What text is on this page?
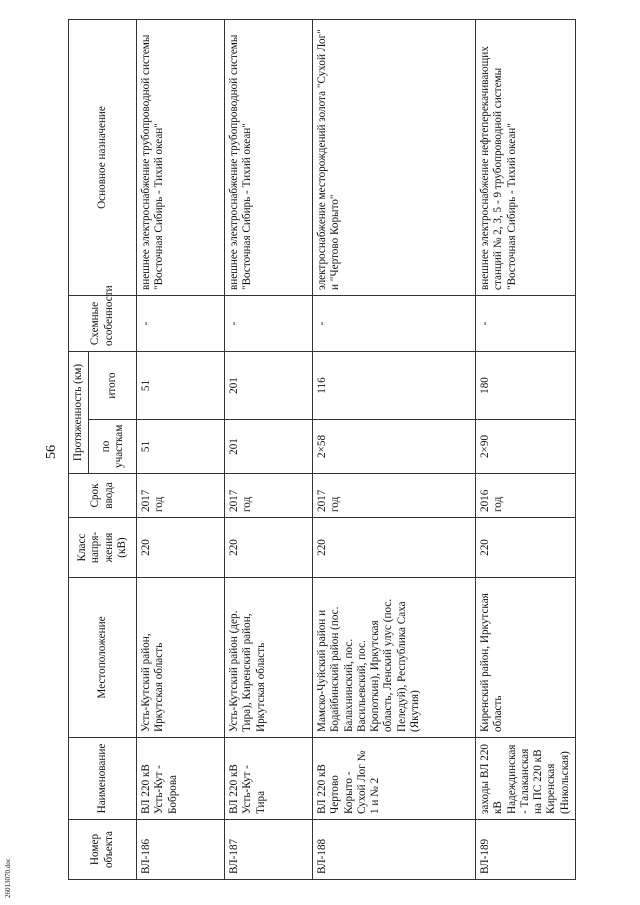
56
26013070.doc
Номер объекта	Наименование	Местоположение	Класс напря-жения (кВ)	Срок ввода	Протяженность (км)		Схемные особенности	Основное назначение
					по участкам	итого		
ВЛ-186	ВЛ 220 кВ Усть-Кут - Боброва	Усть-Кутский район, Иркутская область	220	2017 год	51	51	-	внешнее электроснабжение трубопроводной системы "Восточная Сибирь - Тихий океан"
ВЛ-187	ВЛ 220 кВ Усть-Кут - Тира	Усть-Кутский район (дер. Тира), Киренский район, Иркутская область	220	2017 год	201	201	-	внешнее электроснабжение трубопроводной системы "Восточная Сибирь - Тихий океан"
ВЛ-188	ВЛ 220 кВ Чертово Корыто - Сухой Лог № 1 и № 2	Мамско-Чуйский район и Бодайбинский район (пос. Балахнинский, пос. Васильевский, пос. Кропоткин), Иркутская область, Ленский улус (пос. Пеледуй), Республика Саха (Якутия)	220	2017 год	2×58	116	-	электроснабжение месторождений золота "Сухой Лог" и "Чертово Корыто"
ВЛ-189	заходы ВЛ 220 кВ Надеждинская - Талаканская на ПС 220 кВ Киренская (Никольская)	Киренский район, Иркутская область	220	2016 год	2×90	180	-	внешнее электроснабжение нефтеперекачивающих станций № 2, 3, 5 - 9 трубопроводной системы "Восточная Сибирь - Тихий океан"
